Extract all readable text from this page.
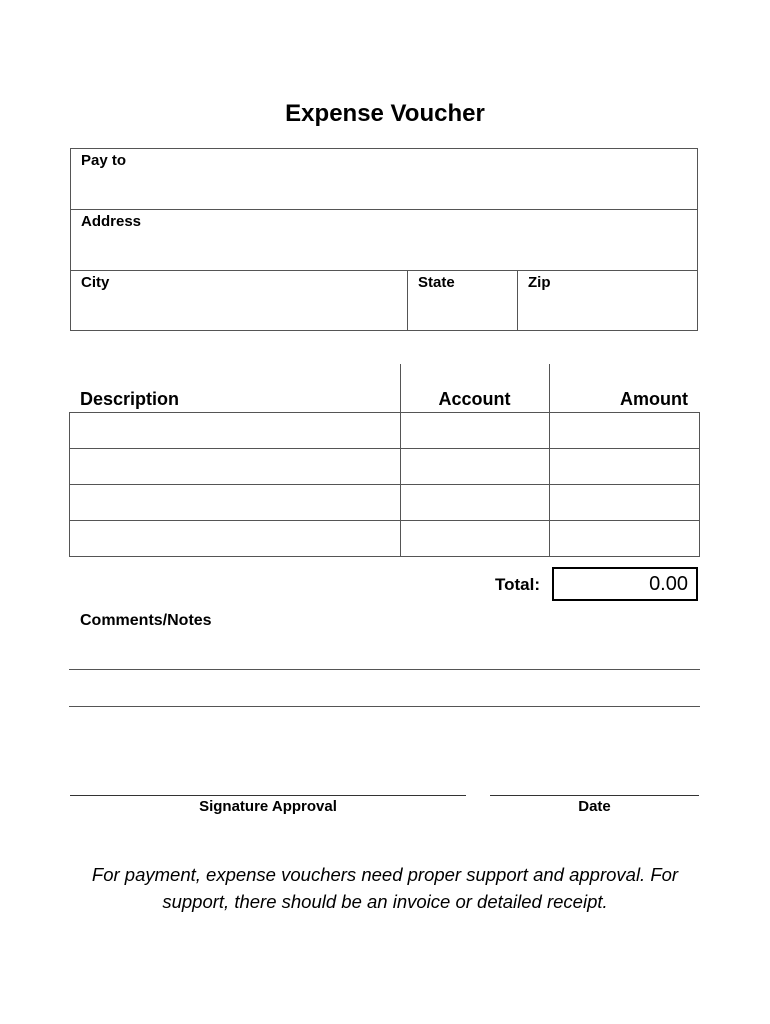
Expense Voucher
Pay to
Address
City	State	Zip
Description	Account	Amount

Total:	0.00
Comments/Notes
Signature Approval	Date
For payment, expense vouchers need proper support and approval. For support, there should be an invoice or detailed receipt.
